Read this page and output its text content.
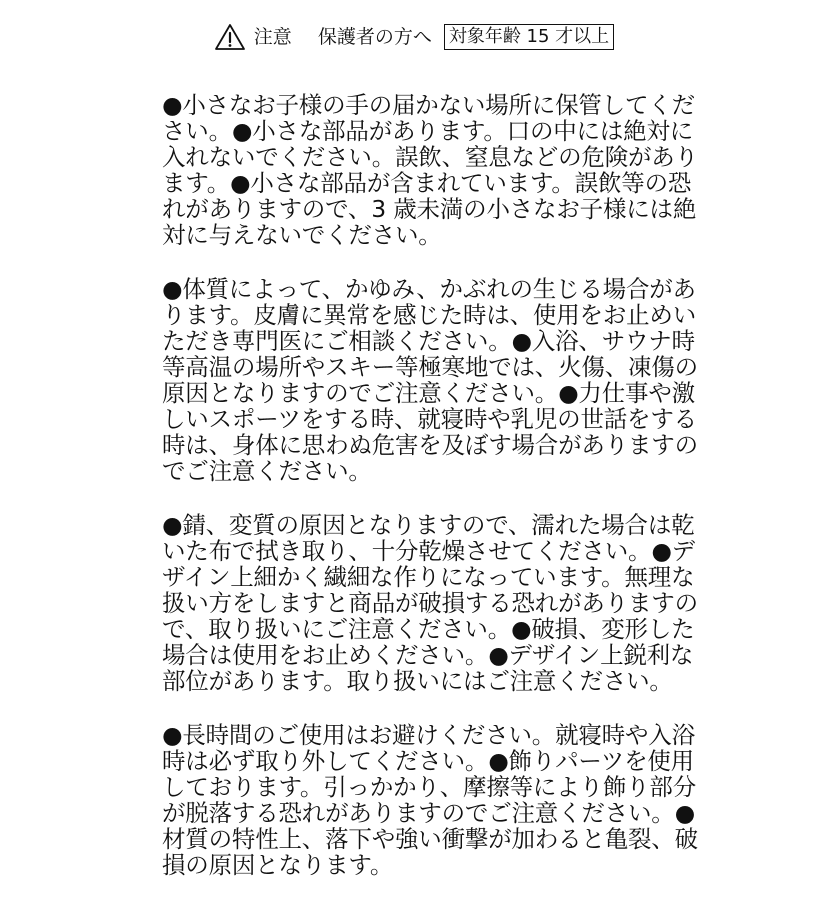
注意 保護者の方へ 対象年齢 15 才以上

● 小さなお子様の手の届かない場所に保管してください。 ● 小さな部品があります。口の中には絶対に入れないでください。誤飲、窒息などの危険があります。 ● 小さな部品が含まれています。誤飲等の恐れがありますので、3 歳未満の小さなお子様には絶対に与えないでください。

● 体質によって、かゆみ、かぶれの生じる場合があります。皮膚に異常を感じた時は、使用をお止めいただき専門医にご相談ください。 ● 入浴、サウナ時等高温の場所やスキー等極寒地では、火傷、凍傷の原因となりますのでご注意ください。 ● 力仕事や激しいスポーツをする時、就寝時や乳児の世話をする時は、身体に思わぬ危害を及ぼす場合がありますのでご注意ください。

● 錆、変質の原因となりますので、濡れた場合は乾いた布で拭き取り、十分乾燥させてください。 ● デザイン上細かく繊細な作りになっています。無理な扱い方をしますと商品が破損する恐れがありますので、取り扱いにご注意ください。 ● 破損、変形した場合は使用をお止めください。 ● デザイン上鋭利な部位があります。取り扱いにはご注意ください。

● 長時間のご使用はお避けください。就寝時や入浴時は必ず取り外してください。 ● 飾りパーツを使用しております。引っかかり、摩擦等により飾り部分が脱落する恐れがありますのでご注意ください。● 材質の特性上、落下や強い衝撃が加わると亀裂、破損の原因となります。
